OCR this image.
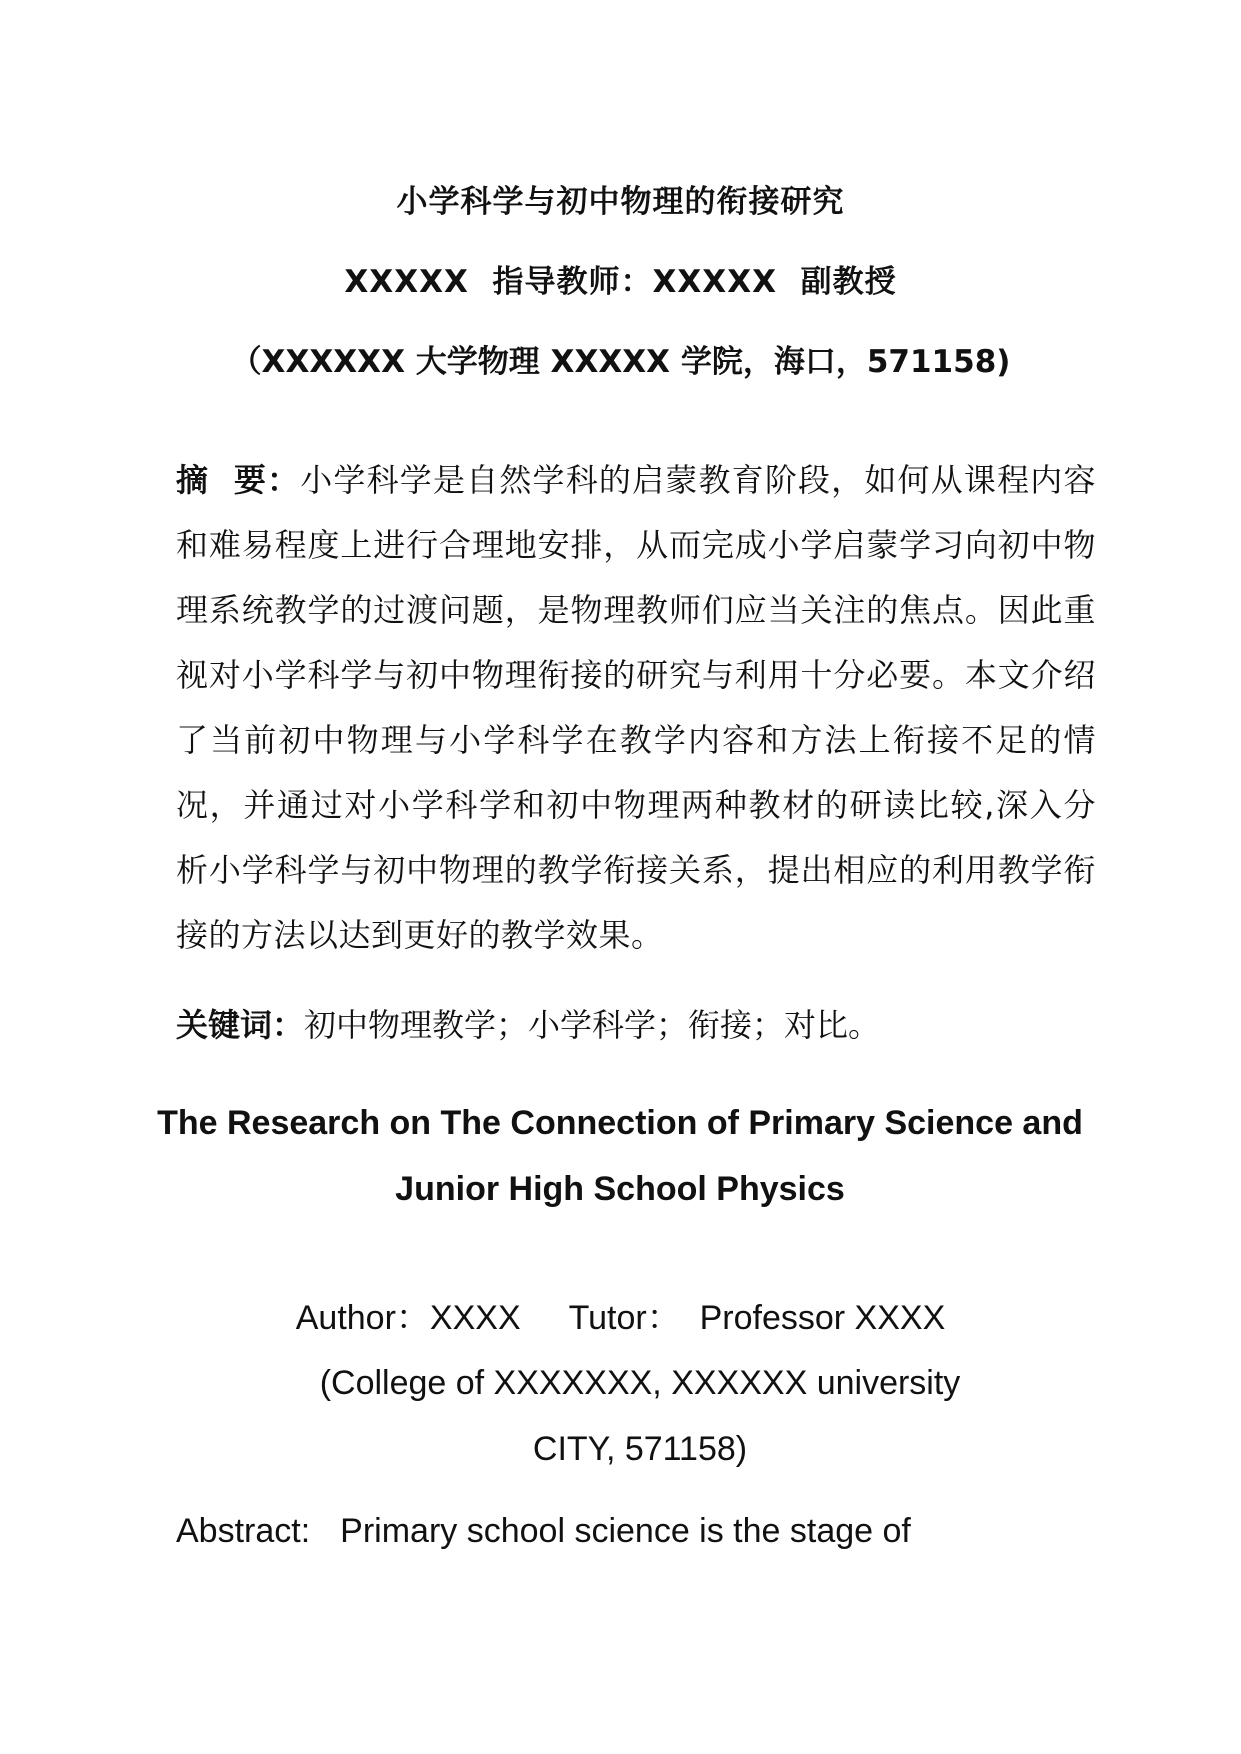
小学科学与初中物理的衔接研究
XXXXX  指导教师：XXXXX  副教授
（XXXXXX 大学物理 XXXXX 学院，海口，571158)
摘  要：小学科学是自然学科的启蒙教育阶段，如何从课程内容和难易程度上进行合理地安排，从而完成小学启蒙学习向初中物理系统教学的过渡问题，是物理教师们应当关注的焦点。因此重视对小学科学与初中物理衔接的研究与利用十分必要。本文介绍了当前初中物理与小学科学在教学内容和方法上衔接不足的情况，并通过对小学科学和初中物理两种教材的研读比较,深入分析小学科学与初中物理的教学衔接关系，提出相应的利用教学衔接的方法以达到更好的教学效果。
关键词：初中物理教学；小学科学；衔接；对比。
The Research on The Connection of Primary Science and Junior High School Physics
Author：XXXX Tutor：  Professor XXXX
(College of XXXXXXX, XXXXXX university CITY, 571158)
Abstract: Primary school science is the stage of
